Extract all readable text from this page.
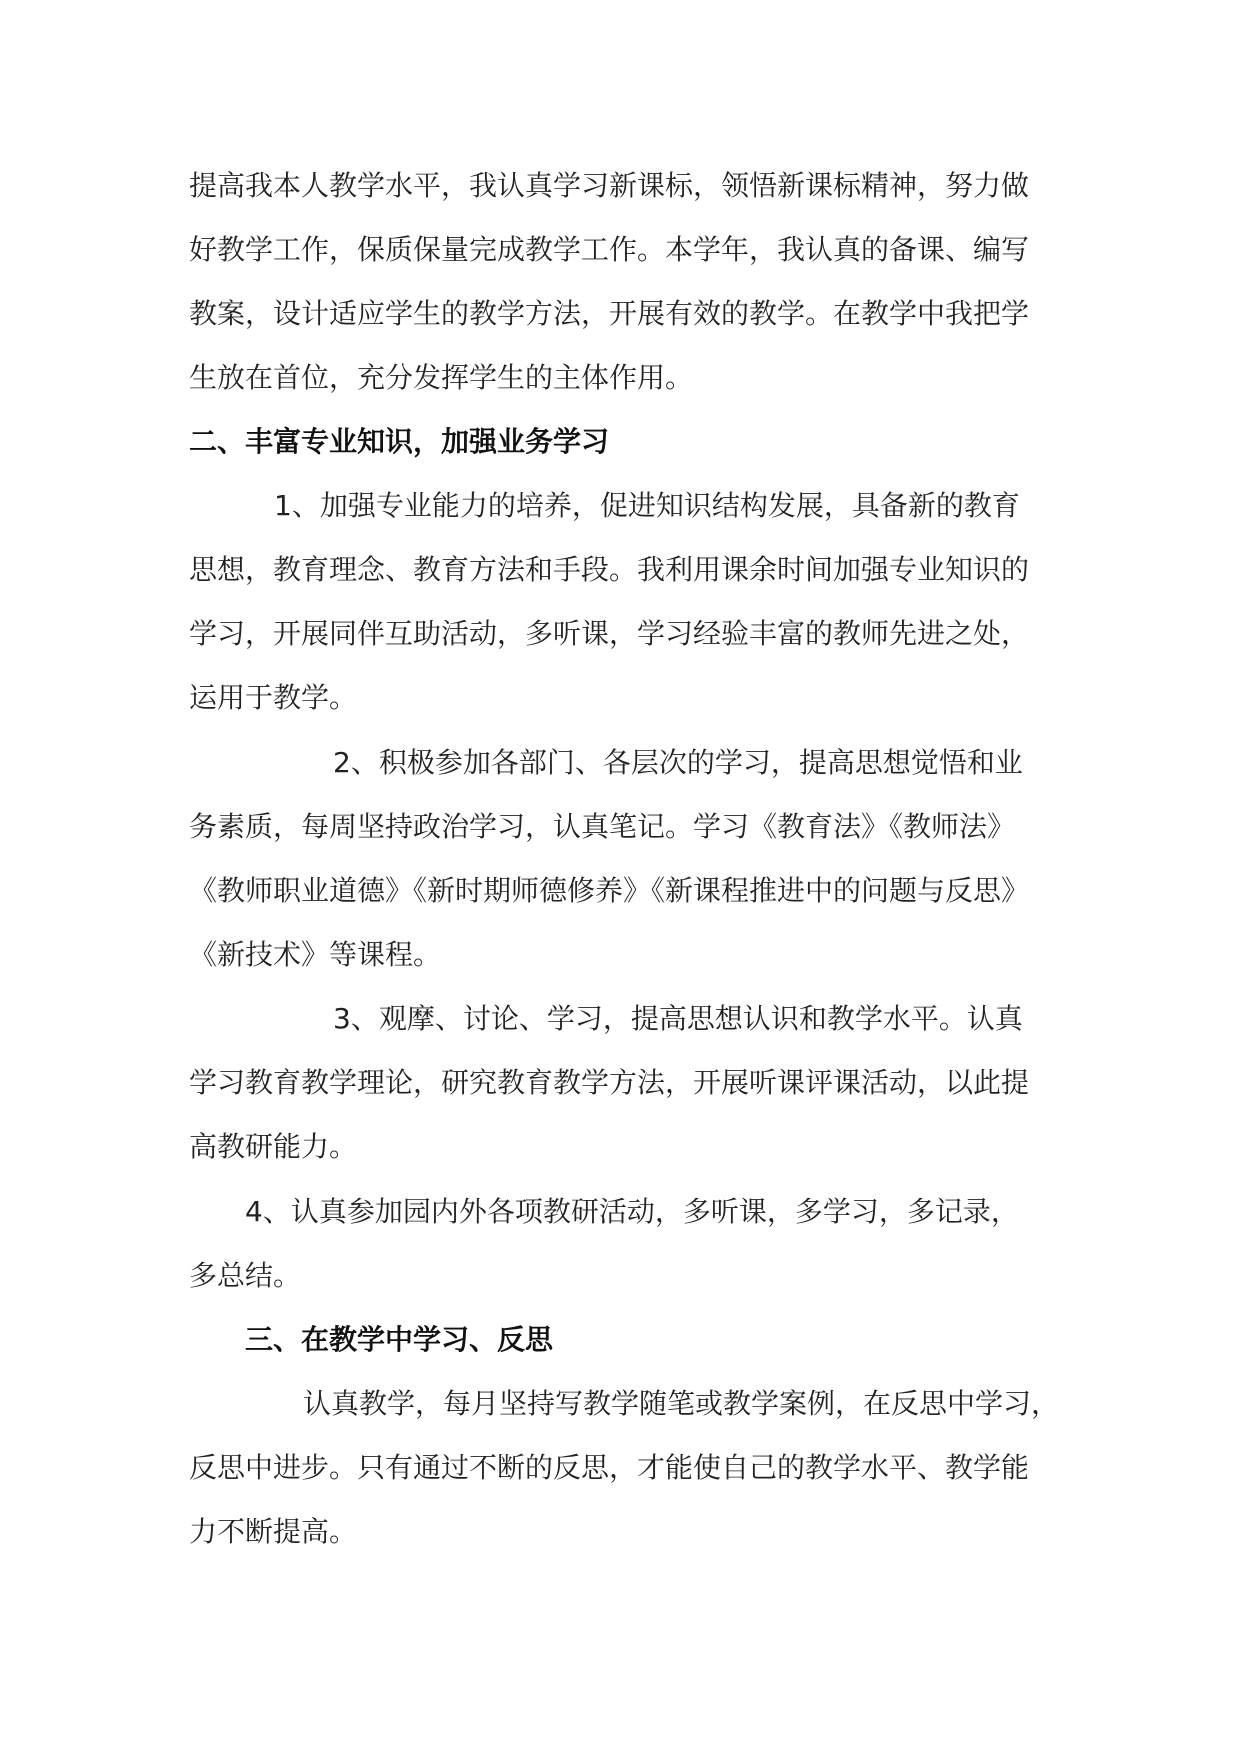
提高我本人教学水平，我认真学习新课标，领悟新课标精神，努力做
好教学工作，保质保量完成教学工作。本学年，我认真的备课、编写
教案，设计适应学生的教学方法，开展有效的教学。在教学中我把学
生放在首位，充分发挥学生的主体作用。
二、丰富专业知识，加强业务学习
1、加强专业能力的培养，促进知识结构发展，具备新的教育
思想，教育理念、教育方法和手段。我利用课余时间加强专业知识的
学习，开展同伴互助活动，多听课，学习经验丰富的教师先进之处，
运用于教学。
2、积极参加各部门、各层次的学习，提高思想觉悟和业
务素质，每周坚持政治学习，认真笔记。学习《教育法》《教师法》
《教师职业道德》《新时期师德修养》《新课程推进中的问题与反思》
《新技术》等课程。
3、观摩、讨论、学习，提高思想认识和教学水平。认真
学习教育教学理论，研究教育教学方法，开展听课评课活动，以此提
高教研能力。
4、认真参加园内外各项教研活动，多听课，多学习，多记录，
多总结。
三、在教学中学习、反思
认真教学，每月坚持写教学随笔或教学案例，在反思中学习，
反思中进步。只有通过不断的反思，才能使自己的教学水平、教学能
力不断提高。
